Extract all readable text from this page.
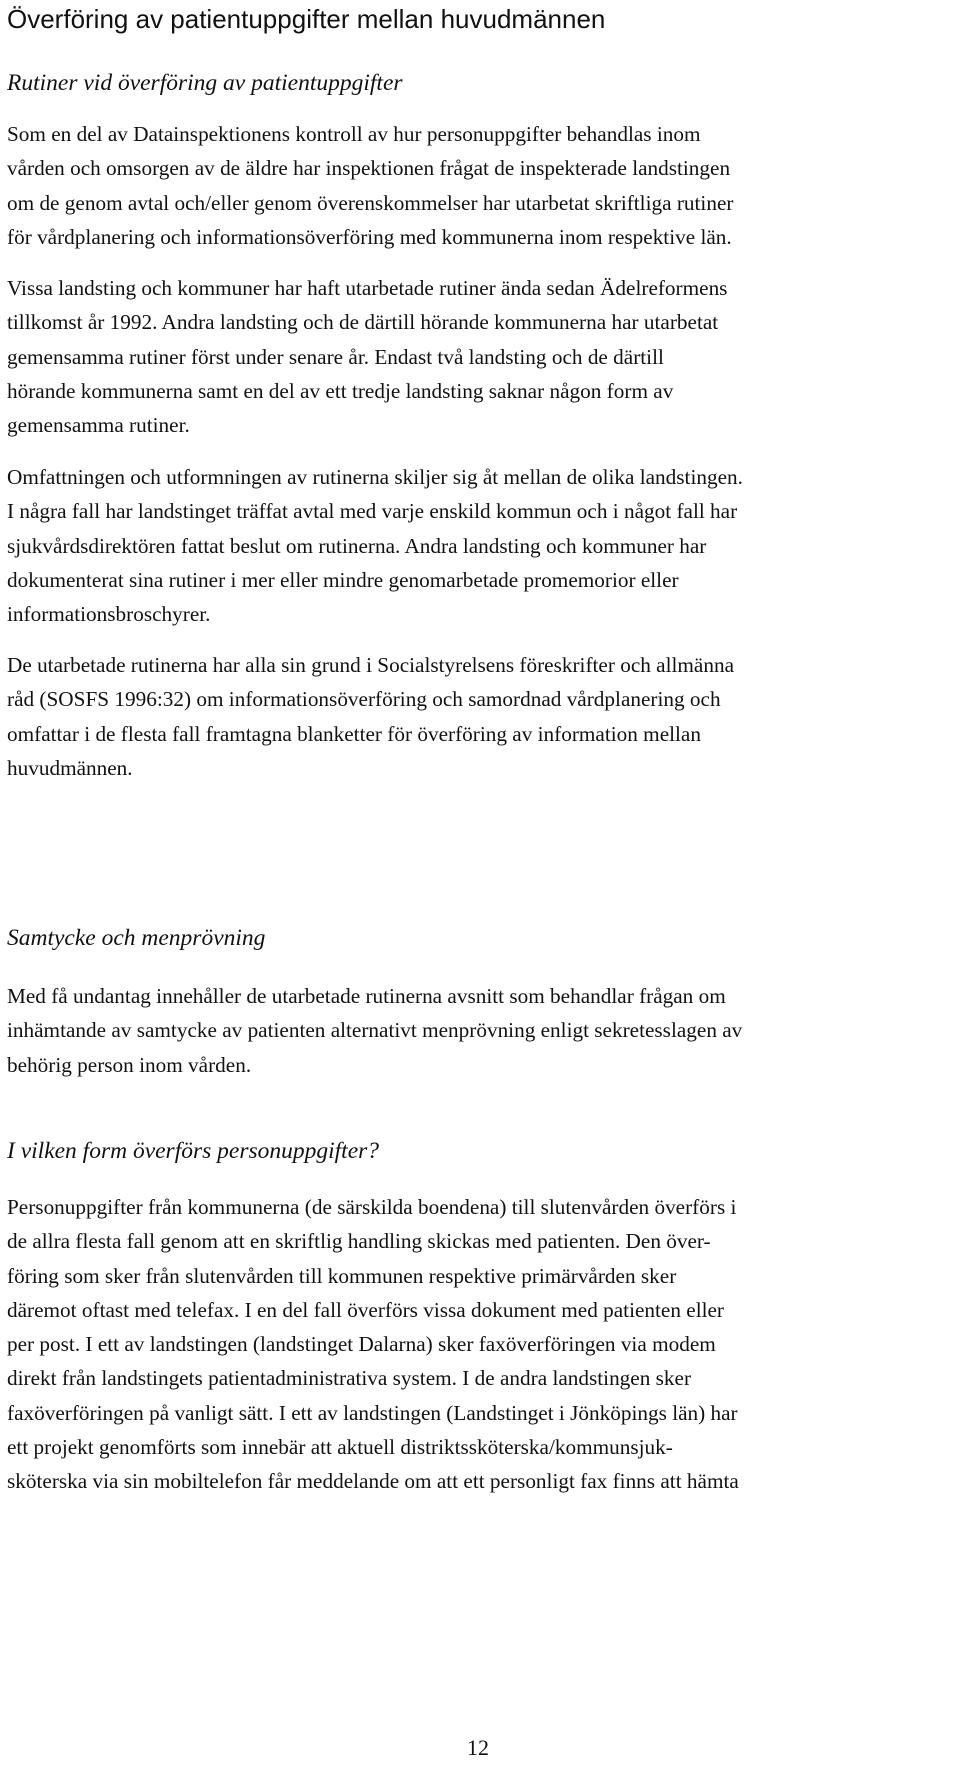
Överföring av patientuppgifter mellan huvudmännen
Rutiner vid överföring av patientuppgifter

Som en del av Datainspektionens kontroll av hur personuppgifter behandlas inom
vården och omsorgen av de äldre har inspektionen frågat de inspekterade landstingen
om de genom avtal och/eller genom överenskommelser har utarbetat skriftliga rutiner
för vårdplanering och informationsöverföring med kommunerna inom respektive län.

Vissa landsting och kommuner har haft utarbetade rutiner ända sedan Ädelreformens
tillkomst år 1992. Andra landsting och de därtill hörande kommunerna har utarbetat
gemensamma rutiner först under senare år. Endast två landsting och de därtill
hörande kommunerna samt en del av ett tredje landsting saknar någon form av
gemensamma rutiner.

Omfattningen och utformningen av rutinerna skiljer sig åt mellan de olika landstingen.
I några fall har landstinget träffat avtal med varje enskild kommun och i något fall har
sjukvårdsdirektören fattat beslut om rutinerna. Andra landsting och kommuner har
dokumenterat sina rutiner i mer eller mindre genomarbetade promemorior eller
informationsbroschyrer.

De utarbetade rutinerna har alla sin grund i Socialstyrelsens föreskrifter och allmänna
råd (SOSFS 1996:32) om informationsöverföring och samordnad vårdplanering och
omfattar i de flesta fall framtagna blanketter för överföring av information mellan
huvudmännen.

Samtycke och menprövning

Med få undantag innehåller de utarbetade rutinerna avsnitt som behandlar frågan om
inhämtande av samtycke av patienten alternativt menprövning enligt sekretesslagen av
behörig person inom vården.

I vilken form överförs personuppgifter?

Personuppgifter från kommunerna (de särskilda boendena) till slutenvården överförs i
de allra flesta fall genom att en skriftlig handling skickas med patienten. Den över-
föring som sker från slutenvården till kommunen respektive primärvården sker
däremot oftast med telefax. I en del fall överförs vissa dokument med patienten eller
per post. I ett av landstingen (landstinget Dalarna) sker faxöverföringen via modem
direkt från landstingets patientadministrativa system. I de andra landstingen sker
faxöverföringen på vanligt sätt. I ett av landstingen (Landstinget i Jönköpings län) har
ett projekt genomförts som innebär att aktuell distriktssköterska/kommunsjuk-
sköterska via sin mobiltelefon får meddelande om att ett personligt fax finns att hämta

12
